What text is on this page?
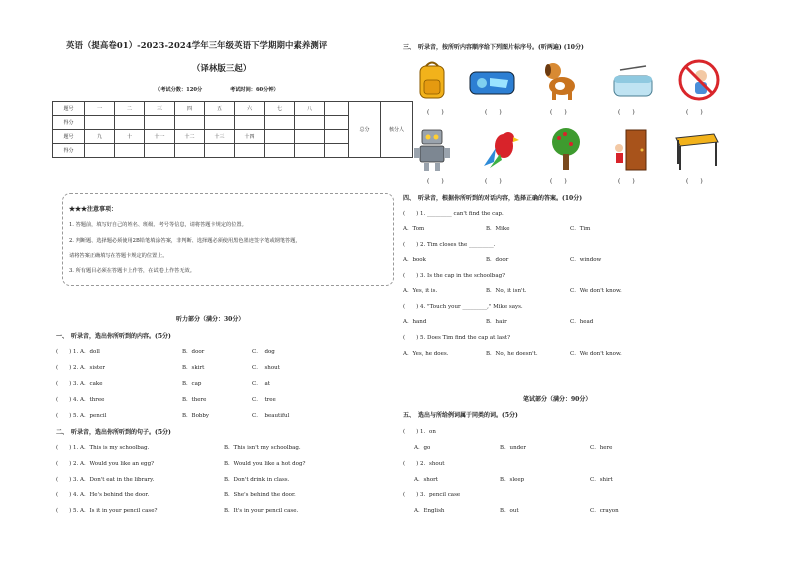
英语（提高卷01）-2023-2024学年三年级英语下学期期中素养测评
（译林版三起）
（考试分数：120分	考试时间：60分钟）
题号	一	二	三	四	五	六	七	八		总分	核分人
得分											
题号	九	十	十一	十二	十三	十四					
得分											
★★★注意事项：
1. 答题前，填写好自己的姓名、班级、考号等信息，请将答题卡规定的位置。
2. 判断题、选择题必须使用2B铅笔填涂答案，非判断、选择题必须使用黑色墨迹签字笔或钢笔答题，
请将答案正确填写在答题卡规定的位置上。
3. 所有题目必须在答题卡上作答，在试卷上作答无效。
听力部分（满分：30分）
一、　听录音，选出你所听到的内容。(5分)
(　　) 1. A．doll	B．door	C．　dog
(　　) 2. A．sister	B．skirt	C．　shout
(　　) 3. A．cake	B．cap	C．　at
(　　) 4. A．three	B．there	C．　tree
(　　) 5. A．pencil	B．Bobby	C．　beautiful
二、　听录音，选出你所听到的句子。(5分)
(　　) 1. A．This is my schoolbag.	B．This isn't my schoolbag.
(　　) 2. A．Would you like an egg?	B．Would you like a hot dog?
(　　) 3. A．Don't eat in the library.	B．Don't drink in class.
(　　) 4. A．He's behind the door.	B．She's behind the door.
(　　) 5. A．Is it in your pencil case?	B．It's in your pencil case.
三、　听录音，按所听内容顺序给下列图片标序号。(听两遍) (10分)
(　　)	(　　)	(　　)	(　　)	(　　)
(　　)	(　　)	(　　)	(　　)	(　　)
四、　听录音，根据你所听到的对话内容，选择正确的答案。(10分)
(　　) 1. _________ can't find the cap.
A．Tom	B．Mike	C．Tim
(　　) 2. Tim closes the _________.
A．book	B．door	C．window
(　　) 3. Is the cap in the schoolbag?
A．Yes, it is.	B．No, it isn't.	C．We don't know.
(　　) 4. "Touch your _________," Mike says.
A．hand	B．hair	C．head
(　　) 5. Does Tim find the cap at last?
A．Yes, he does.	B．No, he doesn't.	C．We don't know.
笔试部分（满分：90分）
五、　选出与所给例词属于同类的词。(5分)
(　　) 1．on
A．go	B．under	C．here
(　　) 2．shout
A．short	B．sleep	C．shirt
(　　) 3．pencil case
A．English	B．out	C．crayon
